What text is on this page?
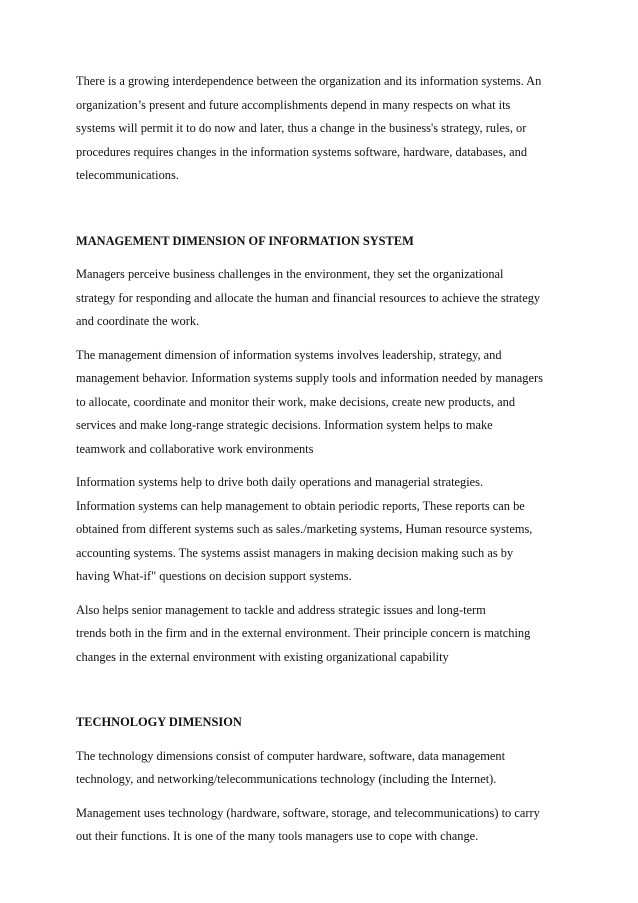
There is a growing interdependence between the organization and its information systems. An
organization’s present and future accomplishments depend in many respects on what its
systems will permit it to do now and later, thus a change in the business's strategy, rules, or
procedures requires changes in the information systems software, hardware, databases, and
telecommunications.

MANAGEMENT DIMENSION OF INFORMATION SYSTEM

Managers perceive business challenges in the environment, they set the organizational
strategy for responding and allocate the human and financial resources to achieve the strategy
and coordinate the work.

The management dimension of information systems involves leadership, strategy, and
management behavior. Information systems supply tools and information needed by managers
to allocate, coordinate and monitor their work, make decisions, create new products, and
services and make long-range strategic decisions. Information system helps to make
teamwork and collaborative work environments

Information systems help to drive both daily operations and managerial strategies.
Information systems can help management to obtain periodic reports, These reports can be
obtained from different systems such as sales./marketing systems, Human resource systems,
accounting systems. The systems assist managers in making decision making such as by
having What-if" questions on decision support systems.

Also helps senior management to tackle and address strategic issues and long-term
trends both in the firm and in the external environment. Their principle concern is matching
changes in the external environment with existing organizational capability

TECHNOLOGY DIMENSION

The technology dimensions consist of computer hardware, software, data management
technology, and networking/telecommunications technology (including the Internet).

Management uses technology (hardware, software, storage, and telecommunications) to carry
out their functions. It is one of the many tools managers use to cope with change.
